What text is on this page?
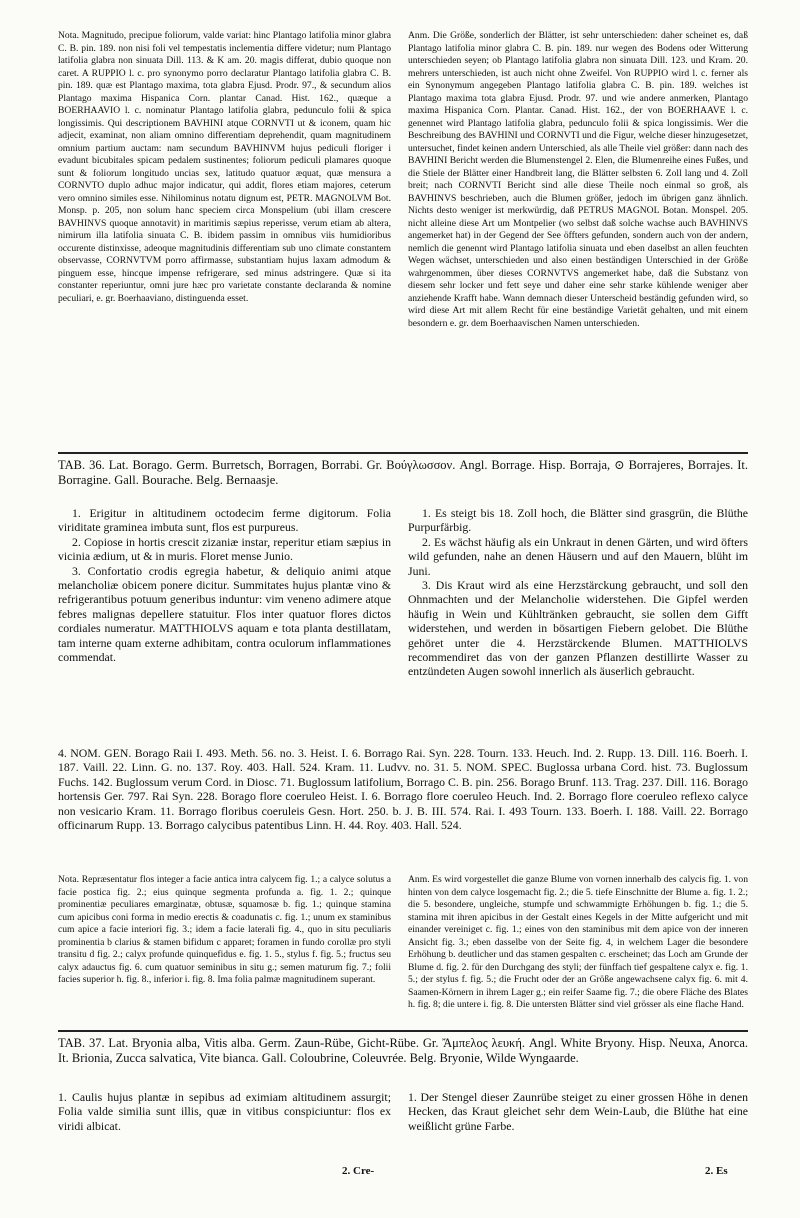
Nota. Magnitudo, precipue foliorum, valde variat: hinc Plantago latifolia minor glabra C. B. pin. 189. non nisi foli vel tempestatis inclementia differe videtur; num Plantago latifolia glabra non sinuata Dill. 113. & K am. 20. magis differat, dubio quoque non caret. A RUPPIO l. c. pro synonymo porro declaratur Plantago latifolia glabra C. B. pin. 189. quæ est Plantago maxima, tota glabra Ejusd. Prodr. 97., & secundum alios Plantago maxima Hispanica Corn. plantar Canad. Hist. 162., quæque a BOERHAAVIO l. c. nominatur Plantago latifolia glabra, pedunculo folii & spica longissimis. Qui descriptionem BAVHINI atque CORNVTI ut & iconem, quam hic adjecit, examinat, non aliam omnino differentiam deprehendit, quam magnitudinem omnium partium auctam: nam secundum BAVHINVM hujus pediculi floriger i evadunt bicubitales spicam pedalem sustinentes; foliorum pediculi plamares quoque sunt & foliorum longitudo uncias sex, latitudo quatuor æquat, quæ mensura a CORNVTO duplo adhuc major indicatur, qui addit, flores etiam majores, ceterum vero omnino similes esse. Nihilominus notatu dignum est, PETR. MAGNOLVM Bot. Monsp. p. 205, non solum hanc speciem circa Monspelium (ubi illam crescere BAVHINVS quoque annotavit) in maritimis sæpius reperisse, verum etiam ab altera, nimirum illa latifolia sinuata C. B. ibidem passim in omnibus viis humidioribus occurente distinxisse, adeoque magnitudinis differentiam sub uno climate constantem observasse, CORNVTVM porro affirmasse, substantiam hujus laxam admodum & pinguem esse, hincque impense refrigerare, sed minus adstringere. Quæ si ita constanter reperiuntur, omni jure hæc pro varietate constante declaranda & nomine peculiari, e. gr. Boerhaaviano, distinguenda esset.
Anm. Die Größe, sonderlich der Blätter, ist sehr unterschieden: daher scheinet es, daß Plantago latifolia minor glabra C. B. pin. 189. nur wegen des Bodens oder Witterung unterschieden seyen; ob Plantago latifolia glabra non sinuata Dill. 123. und Kram. 20. mehrers unterschieden, ist auch nicht ohne Zweifel. Von RUPPIO wird l. c. ferner als ein Synonymum angegeben Plantago latifolia glabra C. B. pin. 189. welches ist Plantago maxima tota glabra Ejusd. Prodr. 97. und wie andere anmerken, Plantago maxima Hispanica Corn. Plantar. Canad. Hist. 162., der von BOERHAAVE l. c. genennet wird Plantago latifolia glabra, pedunculo folii & spica longissimis. Wer die Beschreibung des BAVHINI und CORNVTI und die Figur, welche dieser hinzugesetzet, untersuchet, findet keinen andern Unterschied, als alle Theile viel größer: dann nach des BAVHINI Bericht werden die Blumenstengel 2. Elen, die Blumenreihe eines Fußes, und die Stiele der Blätter einer Handbreit lang, die Blätter selbsten 6. Zoll lang und 4. Zoll breit; nach CORNVTI Bericht sind alle diese Theile noch einmal so groß, als BAVHINVS beschrieben, auch die Blumen größer, jedoch im übrigen ganz ähnlich. Nichts desto weniger ist merkwürdig, daß PETRUS MAGNOL Botan. Monspel. 205. nicht alleine diese Art um Montpelier (wo selbst daß solche wachse auch BAVHINVS angemerket hat) in der Gegend der See öffters gefunden, sondern auch von der andern, nemlich die genennt wird Plantago latifolia sinuata und eben daselbst an allen feuchten Wegen wächset, unterschieden und also einen beständigen Unterschied in der Größe wahrgenommen, über dieses CORNVTVS angemerket habe, daß die Substanz von diesem sehr locker und fett seye und daher eine sehr starke kühlende weniger aber anziehende Krafft habe. Wann demnach dieser Unterscheid beständig gefunden wird, so wird diese Art mit allem Recht für eine beständige Varietät gehalten, und mit einem besondern e. gr. dem Boerhaavischen Namen unterschieden.
TAB. 36. Lat. Borago. Germ. Burretsch, Borragen, Borrabi. Gr. Βούγλωσσον. Angl. Borrage. Hisp. Borraja, ⊙ Borrajeres, Borrajes. It. Borragine. Gall. Bourache. Belg. Bernaasje.

1. Erigitur in altitudinem octodecim ferme digitorum. Folia viriditate graminea imbuta sunt, flos est purpureus.

2. Copiose in hortis crescit zizaniæ instar, reperitur etiam sæpius in vicinia ædium, ut & in muris. Floret mense Junio.

3. Confortatio crodis egregia habetur, & deliquio animi atque melancholiæ obicem ponere dicitur. Summitates hujus plantæ vino & refrigerantibus potuum generibus induntur: vim veneno adimere atque febres malignas depellere statuitur. Flos inter quatuor flores dictos cordiales numeratur. MATTHIOLVS aquam e tota planta destillatam, tam interne quam externe adhibitam, contra oculorum inflammationes commendat.

1. Es steigt bis 18. Zoll hoch, die Blätter sind grasgrün, die Blüthe Purpurfärbig.

2. Es wächst häufig als ein Unkraut in denen Gärten, und wird öfters wild gefunden, nahe an denen Häusern und auf den Mauern, blüht im Juni.

3. Dis Kraut wird als eine Herzstärckung gebraucht, und soll den Ohnmachten und der Melancholie widerstehen. Die Gipfel werden häufig in Wein und Kühltränken gebraucht, sie sollen dem Gifft widerstehen, und werden in bösartigen Fiebern gelobet. Die Blüthe gehöret unter die 4. Herzstärckende Blumen. MATTHIOLVS recommendiret das von der ganzen Pflanzen destillirte Wasser zu entzündeten Augen sowohl innerlich als äuserlich gebraucht.

4. NOM. GEN. Borago Raii I. 493. Meth. 56. no. 3. Heist. I. 6. Borrago Rai. Syn. 228. Tourn. 133. Heuch. Ind. 2. Rupp. 13. Dill. 116. Boerh. I. 187. Vaill. 22. Linn. G. no. 137. Roy. 403. Hall. 524. Kram. 11. Ludvv. no. 31. 5. NOM. SPEC. Buglossa urbana Cord. hist. 73. Buglossum Fuchs. 142. Buglossum verum Cord. in Diosc. 71. Buglossum latifolium, Borrago C. B. pin. 256. Borago Brunf. 113. Trag. 237. Dill. 116. Borago hortensis Ger. 797. Rai Syn. 228. Borago flore coeruleo Heist. I. 6. Borrago flore coeruleo Heuch. Ind. 2. Borrago flore coeruleo reflexo calyce non vesicario Kram. 11. Borrago floribus coeruleis Gesn. Hort. 250. b. J. B. III. 574. Rai. I. 493 Tourn. 133. Boerh. I. 188. Vaill. 22. Borrago officinarum Rupp. 13. Borrago calycibus patentibus Linn. H. 44. Roy. 403. Hall. 524.
Nota. Repræsentatur flos integer a facie antica intra calycem fig. 1.; a calyce solutus a facie postica fig. 2.; eius quinque segmenta profunda a. fig. 1. 2.; quinque prominentiæ peculiares emarginatæ, obtusæ, squamosæ b. fig. 1.; quinque stamina cum apicibus coni forma in medio erectis & coadunatis c. fig. 1.; unum ex staminibus cum apice a facie interiori fig. 3.; idem a facie laterali fig. 4., quo in situ peculiaris prominentia b clarius & stamen bifidum c apparet; foramen in fundo corollæ pro styli transitu d fig. 2.; calyx profunde quinquefidus e. fig. 1. 5., stylus f. fig. 5.; fructus seu calyx adauctus fig. 6. cum quatuor seminibus in situ g.; semen maturum fig. 7.; folii facies superior h. fig. 8., inferior i. fig. 8. Ima folia palmæ magnitudinem superant.
Anm. Es wird vorgestellet die ganze Blume von vornen innerhalb des calycis fig. 1. von hinten von dem calyce losgemacht fig. 2.; die 5. tiefe Einschnitte der Blume a. fig. 1. 2.; die 5. besondere, ungleiche, stumpfe und schwammigte Erhöhungen b. fig. 1.; die 5. stamina mit ihren apicibus in der Gestalt eines Kegels in der Mitte aufgericht und mit einander vereiniget c. fig. 1.; eines von den staminibus mit dem apice von der inneren Ansicht fig. 3.; eben dasselbe von der Seite fig. 4, in welchem Lager die besondere Erhöhung b. deutlicher und das stamen gespalten c. erscheinet; das Loch am Grunde der Blume d. fig. 2. für den Durchgang des styli; der fünffach tief gespaltene calyx e. fig. 1. 5.; der stylus f. fig. 5.; die Frucht oder der an Größe angewachsene calyx fig. 6. mit 4. Saamen-Körnern in ihrem Lager g.; ein reifer Saame fig. 7.; die obere Fläche des Blates h. fig. 8; die untere i. fig. 8. Die untersten Blätter sind viel grösser als eine flache Hand.
TAB. 37. Lat. Bryonia alba, Vitis alba. Germ. Zaun-Rübe, Gicht-Rübe. Gr. Ἄμπελος λευκή. Angl. White Bryony. Hisp. Neuxa, Anorca. It. Brionia, Zucca salvatica, Vite bianca. Gall. Coloubrine, Coleuvrée. Belg. Bryonie, Wilde Wyngaarde.
1. Caulis hujus plantæ in sepibus ad eximiam altitudinem assurgit; Folia valde similia sunt illis, quæ in vitibus conspiciuntur: flos ex viridi albicat.
1. Der Stengel dieser Zaunrübe steiget zu einer grossen Höhe in denen Hecken, das Kraut gleichet sehr dem Wein-Laub, die Blüthe hat eine weißlicht grüne Farbe.
2. Cre-	2. Es
